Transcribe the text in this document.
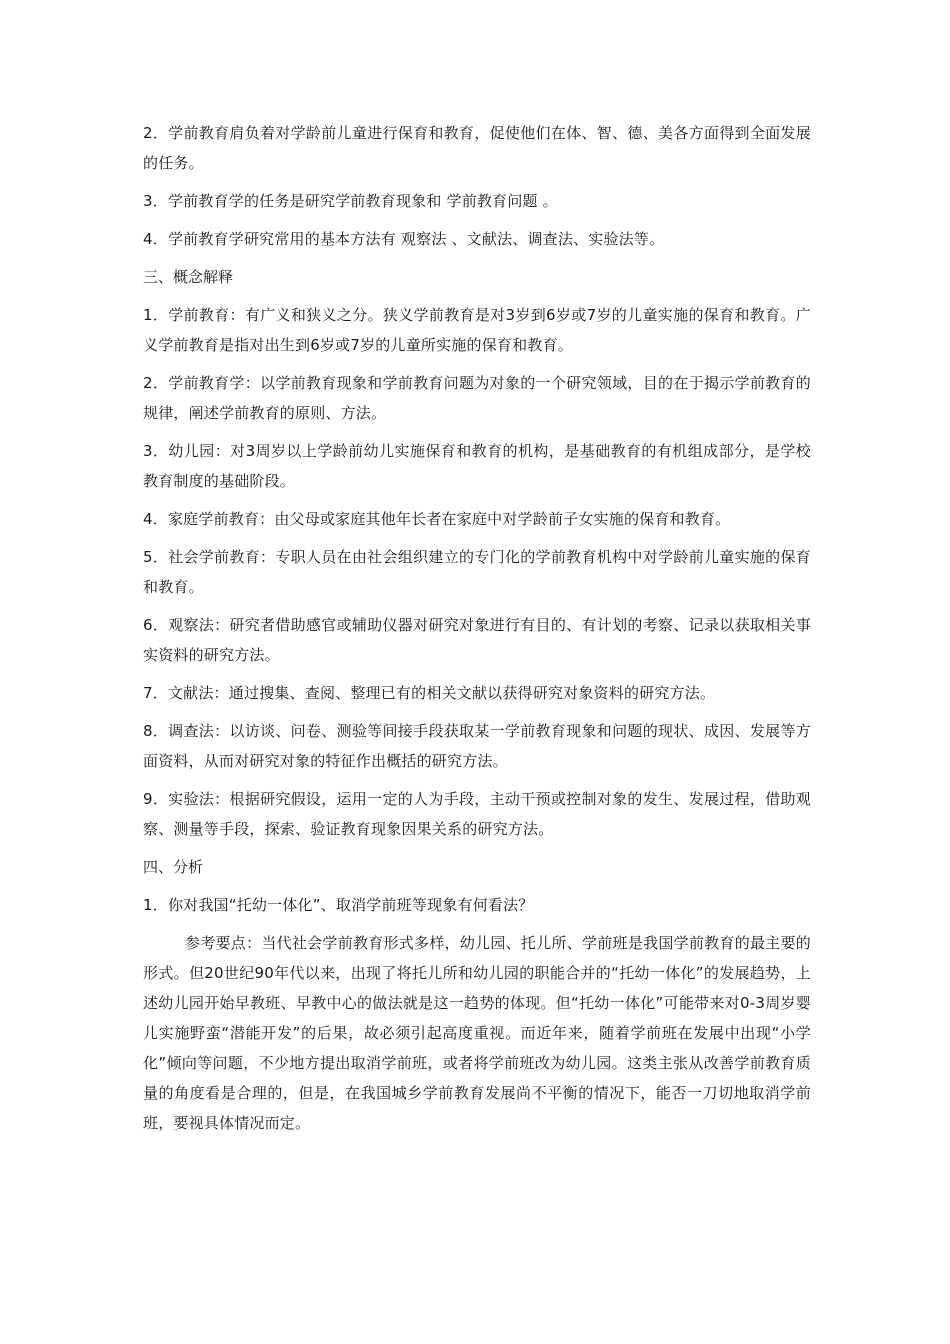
2．学前教育肩负着对学龄前儿童进行保育和教育，促使他们在体、智、德、美各方面得到全面发展的任务。

3．学前教育学的任务是研究学前教育现象和 学前教育问题 。

4．学前教育学研究常用的基本方法有 观察法 、文献法、调查法、实验法等。

三、概念解释

1．学前教育：有广义和狭义之分。狭义学前教育是对3岁到6岁或7岁的儿童实施的保育和教育。广义学前教育是指对出生到6岁或7岁的儿童所实施的保育和教育。

2．学前教育学：以学前教育现象和学前教育问题为对象的一个研究领域，目的在于揭示学前教育的规律，阐述学前教育的原则、方法。

3．幼儿园：对3周岁以上学龄前幼儿实施保育和教育的机构，是基础教育的有机组成部分，是学校教育制度的基础阶段。

4．家庭学前教育：由父母或家庭其他年长者在家庭中对学龄前子女实施的保育和教育。

5．社会学前教育：专职人员在由社会组织建立的专门化的学前教育机构中对学龄前儿童实施的保育和教育。

6．观察法：研究者借助感官或辅助仪器对研究对象进行有目的、有计划的考察、记录以获取相关事实资料的研究方法。

7．文献法：通过搜集、查阅、整理已有的相关文献以获得研究对象资料的研究方法。

8．调查法：以访谈、问卷、测验等间接手段获取某一学前教育现象和问题的现状、成因、发展等方面资料，从而对研究对象的特征作出概括的研究方法。

9．实验法：根据研究假设，运用一定的人为手段，主动干预或控制对象的发生、发展过程，借助观察、测量等手段，探索、验证教育现象因果关系的研究方法。

四、分析

1．你对我国“托幼一体化”、取消学前班等现象有何看法？

参考要点：当代社会学前教育形式多样，幼儿园、托儿所、学前班是我国学前教育的最主要的形式。但20世纪90年代以来，出现了将托儿所和幼儿园的职能合并的“托幼一体化”的发展趋势，上述幼儿园开始早教班、早教中心的做法就是这一趋势的体现。但“托幼一体化”可能带来对0-3周岁婴儿实施野蛮“潜能开发”的后果，故必须引起高度重视。而近年来，随着学前班在发展中出现“小学化”倾向等问题，不少地方提出取消学前班，或者将学前班改为幼儿园。这类主张从改善学前教育质量的角度看是合理的，但是，在我国城乡学前教育发展尚不平衡的情况下，能否一刀切地取消学前班，要视具体情况而定。
